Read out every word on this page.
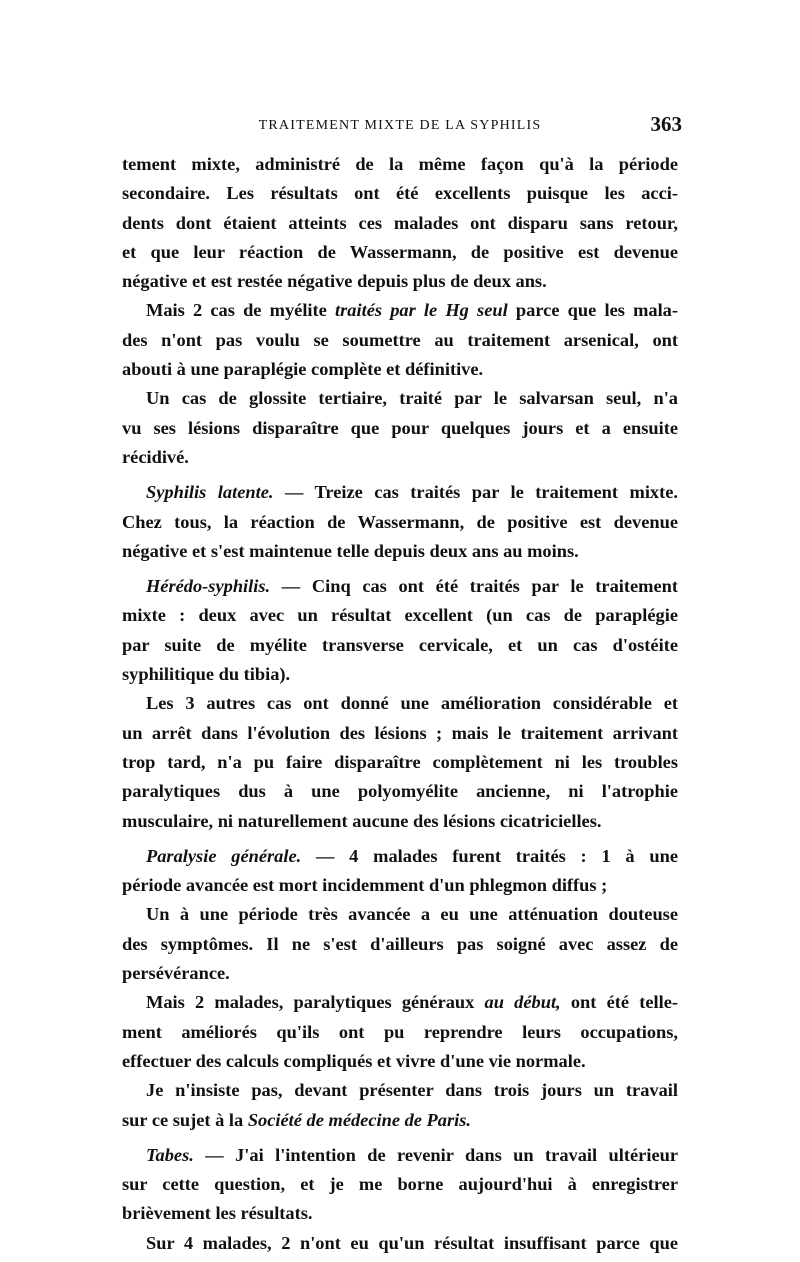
TRAITEMENT MIXTE DE LA SYPHILIS	363

tement mixte, administré de la même façon qu'à la période

secondaire. Les résultats ont été excellents puisque les acci-

dents dont étaient atteints ces malades ont disparu sans retour,

et que leur réaction de Wassermann, de positive est devenue

négative et est restée négative depuis plus de deux ans.

Mais 2 cas de myélite traités par le Hg seul parce que les mala-

des n'ont pas voulu se soumettre au traitement arsenical, ont

abouti à une paraplégie complète et définitive.

Un cas de glossite tertiaire, traité par le salvarsan seul, n'a

vu ses lésions disparaître que pour quelques jours et a ensuite

récidivé.

Syphilis latente. — Treize cas traités par le traitement mixte.

Chez tous, la réaction de Wassermann, de positive est devenue

négative et s'est maintenue telle depuis deux ans au moins.

Hérédo-syphilis. — Cinq cas ont été traités par le traitement

mixte : deux avec un résultat excellent (un cas de paraplégie

par suite de myélite transverse cervicale, et un cas d'ostéite

syphilitique du tibia).

Les 3 autres cas ont donné une amélioration considérable et

un arrêt dans l'évolution des lésions ; mais le traitement arrivant

trop tard, n'a pu faire disparaître complètement ni les troubles

paralytiques dus à une polyomyélite ancienne, ni l'atrophie

musculaire, ni naturellement aucune des lésions cicatricielles.

Paralysie générale. — 4 malades furent traités : 1 à une

période avancée est mort incidemment d'un phlegmon diffus ;

Un à une période très avancée a eu une atténuation douteuse

des symptômes. Il ne s'est d'ailleurs pas soigné avec assez de

persévérance.

Mais 2 malades, paralytiques généraux au début, ont été telle-

ment améliorés qu'ils ont pu reprendre leurs occupations,

effectuer des calculs compliqués et vivre d'une vie normale.

Je n'insiste pas, devant présenter dans trois jours un travail

sur ce sujet à la Société de médecine de Paris.

Tabes. — J'ai l'intention de revenir dans un travail ultérieur

sur cette question, et je me borne aujourd'hui à enregistrer

brièvement les résultats.

Sur 4 malades, 2 n'ont eu qu'un résultat insuffisant parce que
